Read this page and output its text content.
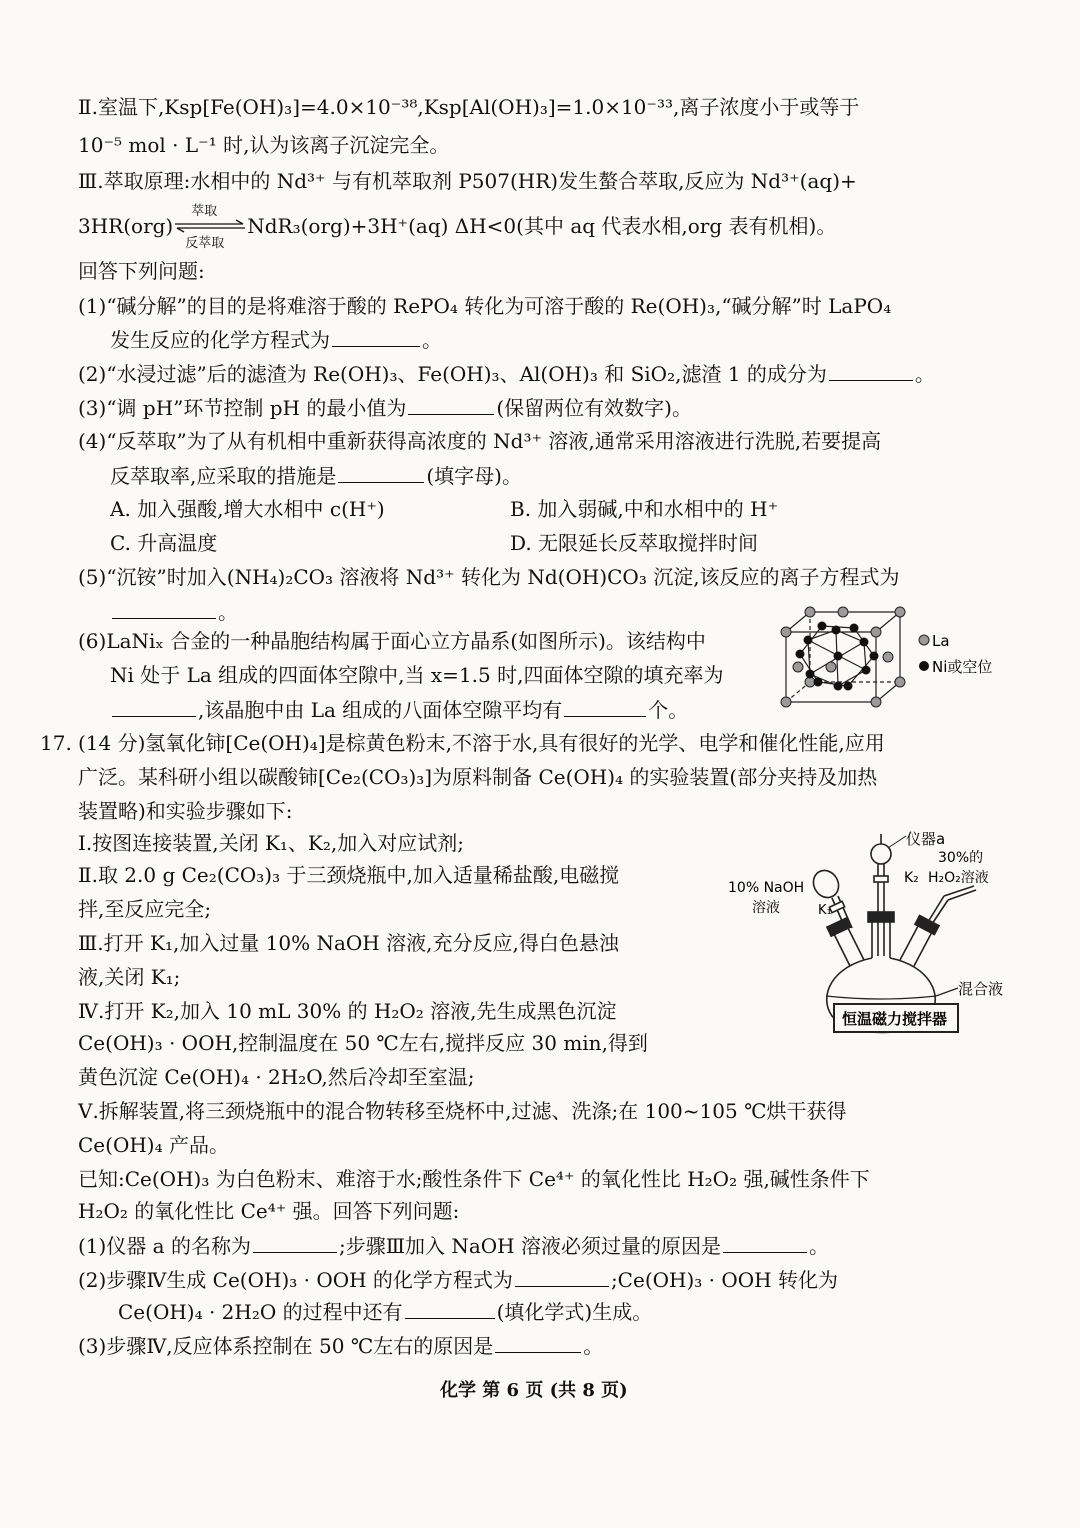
Ⅱ.室温下,Ksp[Fe(OH)₃]=4.0×10⁻³⁸,Ksp[Al(OH)₃]=1.0×10⁻³³,离子浓度小于或等于
10⁻⁵ mol · L⁻¹ 时,认为该离子沉淀完全。
Ⅲ.萃取原理:水相中的 Nd³⁺ 与有机萃取剂 P507(HR)发生螯合萃取,反应为 Nd³⁺(aq)+
3HR(org)
萃取
反萃取
NdR₃(org)+3H⁺(aq) ΔH<0(其中 aq 代表水相,org 表有机相)。
回答下列问题:
(1)“碱分解”的目的是将难溶于酸的 RePO₄ 转化为可溶于酸的 Re(OH)₃,“碱分解”时 LaPO₄
发生反应的化学方程式为	。
(2)“水浸过滤”后的滤渣为 Re(OH)₃、Fe(OH)₃、Al(OH)₃ 和 SiO₂,滤渣 1 的成分为	。
(3)“调 pH”环节控制 pH 的最小值为	(保留两位有效数字)。
(4)“反萃取”为了从有机相中重新获得高浓度的 Nd³⁺ 溶液,通常采用溶液进行洗脱,若要提高
反萃取率,应采取的措施是	(填字母)。
A. 加入强酸,增大水相中 c(H⁺)	B. 加入弱碱,中和水相中的 H⁺
C. 升高温度	D. 无限延长反萃取搅拌时间
(5)“沉铵”时加入(NH₄)₂CO₃ 溶液将 Nd³⁺ 转化为 Nd(OH)CO₃ 沉淀,该反应的离子方程式为
。
(6)LaNiₓ 合金的一种晶胞结构属于面心立方晶系(如图所示)。该结构中
Ni 处于 La 组成的四面体空隙中,当 x=1.5 时,四面体空隙的填充率为
,该晶胞中由 La 组成的八面体空隙平均有	个。
La
Ni或空位
17. (14 分)氢氧化铈[Ce(OH)₄]是棕黄色粉末,不溶于水,具有很好的光学、电学和催化性能,应用
广泛。某科研小组以碳酸铈[Ce₂(CO₃)₃]为原料制备 Ce(OH)₄ 的实验装置(部分夹持及加热
装置略)和实验步骤如下:
Ⅰ.按图连接装置,关闭 K₁、K₂,加入对应试剂;
Ⅱ.取 2.0 g Ce₂(CO₃)₃ 于三颈烧瓶中,加入适量稀盐酸,电磁搅
拌,至反应完全;
Ⅲ.打开 K₁,加入过量 10% NaOH 溶液,充分反应,得白色悬浊
液,关闭 K₁;
Ⅳ.打开 K₂,加入 10 mL 30% 的 H₂O₂ 溶液,先生成黑色沉淀
Ce(OH)₃ · OOH,控制温度在 50 ℃左右,搅拌反应 30 min,得到
黄色沉淀 Ce(OH)₄ · 2H₂O,然后冷却至室温;
Ⅴ.拆解装置,将三颈烧瓶中的混合物转移至烧杯中,过滤、洗涤;在 100~105 ℃烘干获得
Ce(OH)₄ 产品。
已知:Ce(OH)₃ 为白色粉末、难溶于水;酸性条件下 Ce⁴⁺ 的氧化性比 H₂O₂ 强,碱性条件下
H₂O₂ 的氧化性比 Ce⁴⁺ 强。回答下列问题:
(1)仪器 a 的名称为	;步骤Ⅲ加入 NaOH 溶液必须过量的原因是	。
(2)步骤Ⅳ生成 Ce(OH)₃ · OOH 的化学方程式为	;Ce(OH)₃ · OOH 转化为
Ce(OH)₄ · 2H₂O 的过程中还有	(填化学式)生成。
(3)步骤Ⅳ,反应体系控制在 50 ℃左右的原因是	。
仪器a
30%的
K₂ H₂O₂溶液
10% NaOH
溶液	K₁
混合液
恒温磁力搅拌器
化学 第 6 页 (共 8 页)
